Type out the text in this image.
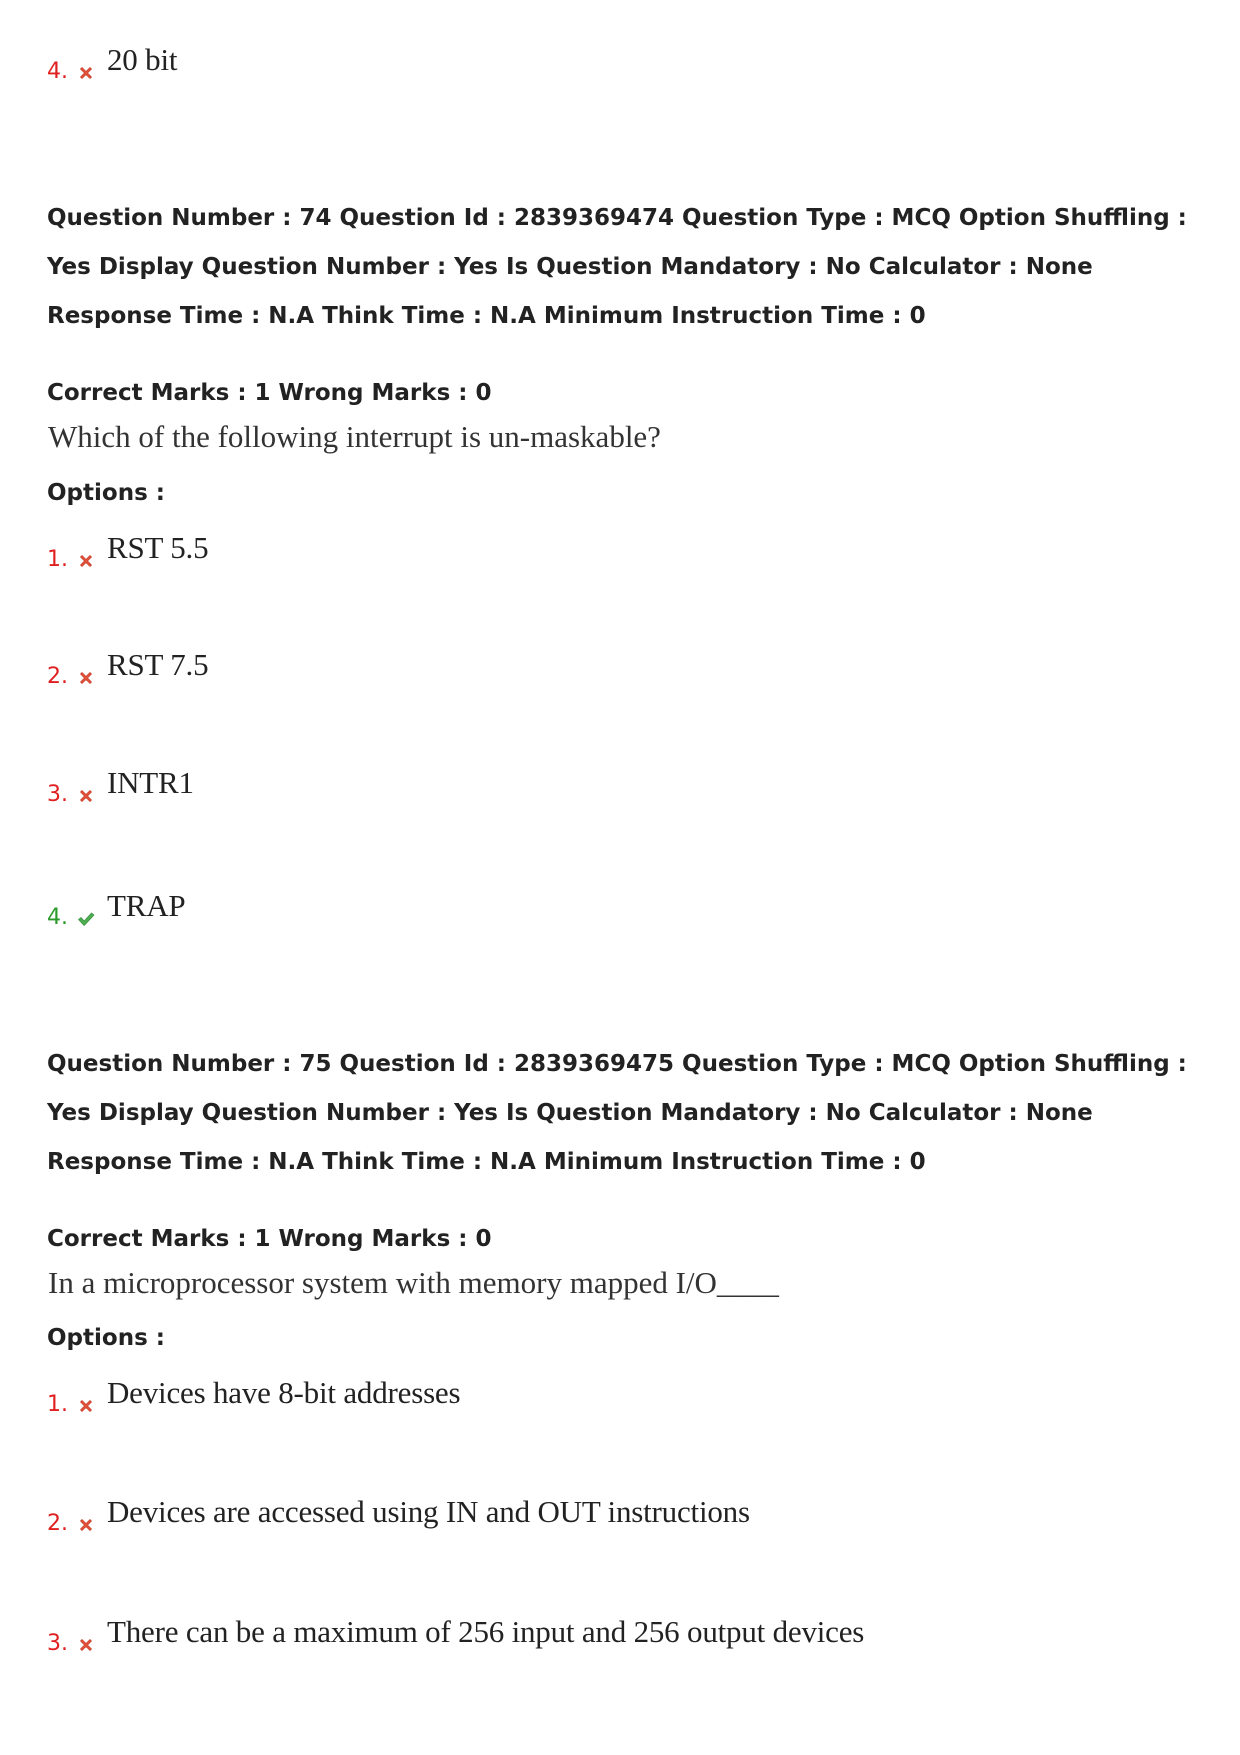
4. 20 bit
Question Number : 74 Question Id : 2839369474 Question Type : MCQ Option Shuffling : Yes Display Question Number : Yes Is Question Mandatory : No Calculator : None Response Time : N.A Think Time : N.A Minimum Instruction Time : 0
Correct Marks : 1 Wrong Marks : 0
Which of the following interrupt is un-maskable?
Options :
1. RST 5.5
2. RST 7.5
3. INTR1
4. TRAP
Question Number : 75 Question Id : 2839369475 Question Type : MCQ Option Shuffling : Yes Display Question Number : Yes Is Question Mandatory : No Calculator : None Response Time : N.A Think Time : N.A Minimum Instruction Time : 0
Correct Marks : 1 Wrong Marks : 0
In a microprocessor system with memory mapped I/O____
Options :
1. Devices have 8-bit addresses
2. Devices are accessed using IN and OUT instructions
3. There can be a maximum of 256 input and 256 output devices
